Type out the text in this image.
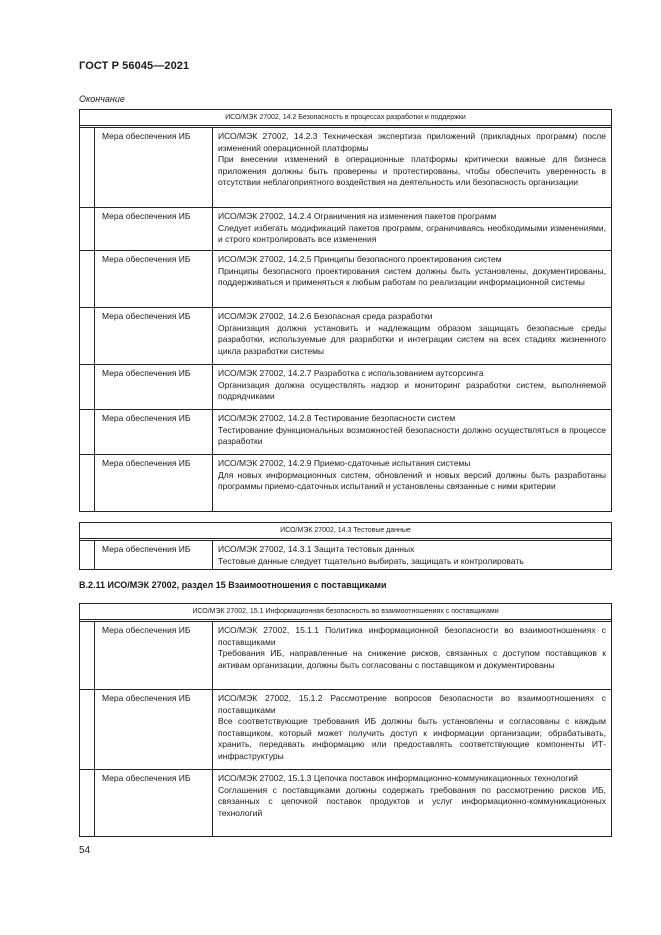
ГОСТ Р 56045—2021
Окончание
ИСО/МЭК 27002, 14.2 Безопасность в процессах разработки и поддержки
Мера обеспечения ИБ	ИСО/МЭК 27002, 14.2.3 Техническая экспертиза приложений (прикладных программ) после изменений операционной платформы
При внесении изменений в операционные платформы критически важные для бизнеса приложения должны быть проверены и протестированы, чтобы обеспечить уверенность в отсутствии неблагоприятного воздействия на деятельность или безопасность организации
Мера обеспечения ИБ	ИСО/МЭК 27002, 14.2.4 Ограничения на изменения пакетов программ
Следует избегать модификаций пакетов программ, ограничиваясь необходимыми изменениями, и строго контролировать все изменения
Мера обеспечения ИБ	ИСО/МЭК 27002, 14.2.5 Принципы безопасного проектирования систем
Принципы безопасного проектирования систем должны быть установлены, документированы, поддерживаться и применяться к любым работам по реализации информационной системы
Мера обеспечения ИБ	ИСО/МЭК 27002, 14.2.6 Безопасная среда разработки
Организация должна установить и надлежащим образом защищать безопасные среды разработки, используемые для разработки и интеграции систем на всех стадиях жизненного цикла разработки системы
Мера обеспечения ИБ	ИСО/МЭК 27002, 14.2.7 Разработка с использованием аутсорсинга
Организация должна осуществлять надзор и мониторинг разработки систем, выполняемой подрядчиками
Мера обеспечения ИБ	ИСО/МЭК 27002, 14.2.8 Тестирование безопасности систем
Тестирование функциональных возможностей безопасности должно осуществляться в процессе разработки
Мера обеспечения ИБ	ИСО/МЭК 27002, 14.2.9 Приемо-сдаточные испытания системы
Для новых информационных систем, обновлений и новых версий должны быть разработаны программы приемо-сдаточных испытаний и установлены связанные с ними критерии
ИСО/МЭК 27002, 14.3 Тестовые данные
Мера обеспечения ИБ	ИСО/МЭК 27002, 14.3.1 Защита тестовых данных
Тестовые данные следует тщательно выбирать, защищать и контролировать
В.2.11 ИСО/МЭК 27002, раздел 15 Взаимоотношения с поставщиками
ИСО/МЭК 27002, 15.1 Информационная безопасность во взаимоотношениях с поставщиками
Мера обеспечения ИБ	ИСО/МЭК 27002, 15.1.1 Политика информационной безопасности во взаимоотношениях с поставщиками
Требования ИБ, направленные на снижение рисков, связанных с доступом поставщиков к активам организации, должны быть согласованы с поставщиком и документированы
Мера обеспечения ИБ	ИСО/МЭК 27002, 15.1.2 Рассмотрение вопросов безопасности во взаимоотношениях с поставщиками
Все соответствующие требования ИБ должны быть установлены и согласованы с каждым поставщиком, который может получить доступ к информации организации; обрабатывать, хранить, передавать информацию или предоставлять соответствующие компоненты ИТ-инфраструктуры
Мера обеспечения ИБ	ИСО/МЭК 27002, 15.1.3 Цепочка поставок информационно-коммуникационных технологий
Соглашения с поставщиками должны содержать требования по рассмотрению рисков ИБ, связанных с цепочкой поставок продуктов и услуг информационно-коммуникационных технологий
54
